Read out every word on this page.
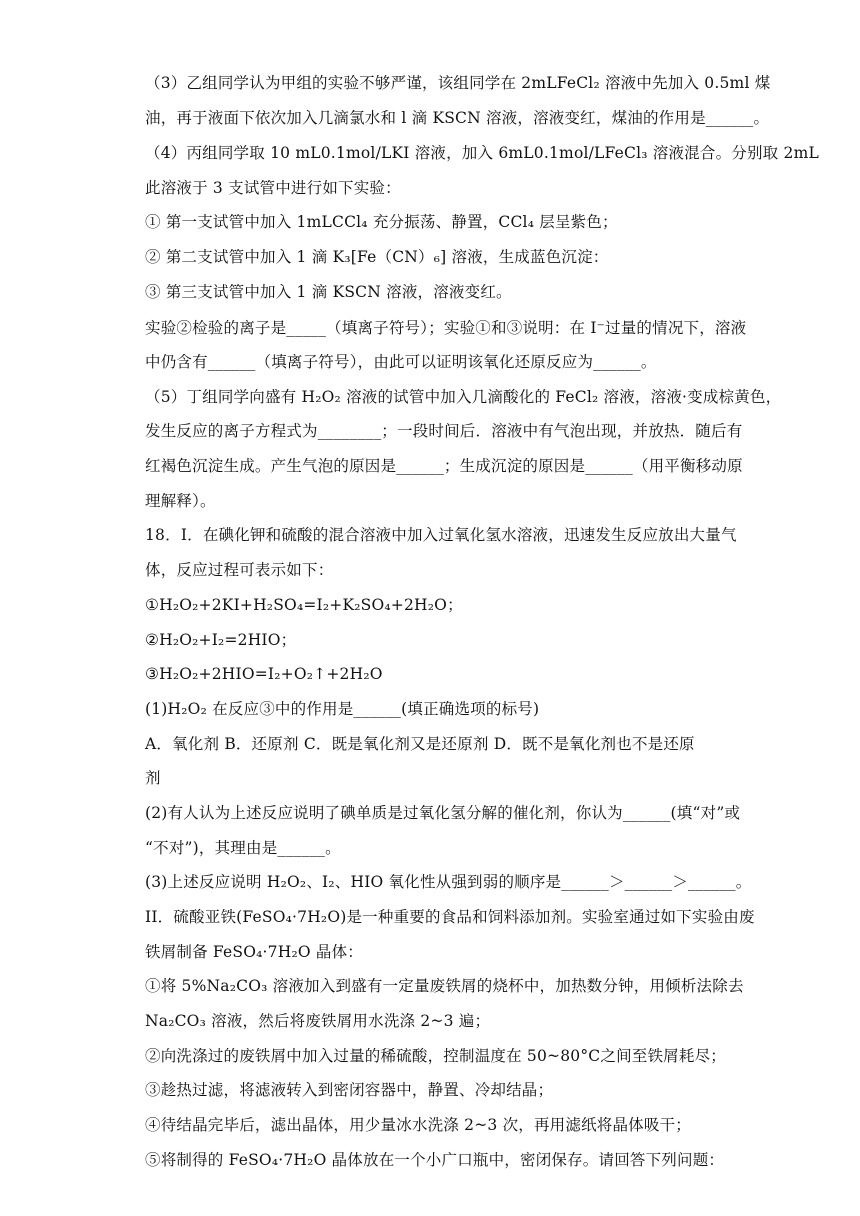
（3）乙组同学认为甲组的实验不够严谨，该组同学在 2mLFeCl₂ 溶液中先加入 0.5ml 煤
油，再于液面下依次加入几滴氯水和 l 滴 KSCN 溶液，溶液变红，煤油的作用是______。
（4）丙组同学取 10 mL0.1mol/LKI 溶液，加入 6mL0.1mol/LFeCl₃ 溶液混合。分别取 2mL
此溶液于 3 支试管中进行如下实验：
① 第一支试管中加入 1mLCCl₄ 充分振荡、静置，CCl₄ 层呈紫色；
② 第二支试管中加入 1 滴 K₃[Fe（CN）₆] 溶液，生成蓝色沉淀：
③ 第三支试管中加入 1 滴 KSCN 溶液，溶液变红。
实验②检验的离子是_____（填离子符号）；实验①和③说明：在 I⁻过量的情况下，溶液
中仍含有______（填离子符号），由此可以证明该氧化还原反应为______。
（5）丁组同学向盛有 H₂O₂ 溶液的试管中加入几滴酸化的 FeCl₂ 溶液，溶液·变成棕黄色，
发生反应的离子方程式为________；一段时间后．溶液中有气泡出现，并放热．随后有
红褐色沉淀生成。产生气泡的原因是______；生成沉淀的原因是______（用平衡移动原
理解释）。
18．I．在碘化钾和硫酸的混合溶液中加入过氧化氢水溶液，迅速发生反应放出大量气
体，反应过程可表示如下：
①H₂O₂+2KI+H₂SO₄=I₂+K₂SO₄+2H₂O；
②H₂O₂+I₂=2HIO；
③H₂O₂+2HIO=I₂+O₂↑+2H₂O
(1)H₂O₂ 在反应③中的作用是______(填正确选项的标号)
A．氧化剂 B．还原剂 C．既是氧化剂又是还原剂 D．既不是氧化剂也不是还原
剂
(2)有人认为上述反应说明了碘单质是过氧化氢分解的催化剂，你认为______(填“对”或
“不对”)，其理由是______。
(3)上述反应说明 H₂O₂、I₂、HIO 氧化性从强到弱的顺序是______＞______＞______。
II．硫酸亚铁(FeSO₄·7H₂O)是一种重要的食品和饲料添加剂。实验室通过如下实验由废
铁屑制备 FeSO₄·7H₂O 晶体：
①将 5%Na₂CO₃ 溶液加入到盛有一定量废铁屑的烧杯中，加热数分钟，用倾析法除去
Na₂CO₃ 溶液，然后将废铁屑用水洗涤 2~3 遍；
②向洗涤过的废铁屑中加入过量的稀硫酸，控制温度在 50~80°C之间至铁屑耗尽；
③趁热过滤，将滤液转入到密闭容器中，静置、冷却结晶；
④待结晶完毕后，滤出晶体，用少量冰水洗涤 2~3 次，再用滤纸将晶体吸干；
⑤将制得的 FeSO₄·7H₂O 晶体放在一个小广口瓶中，密闭保存。请回答下列问题：
